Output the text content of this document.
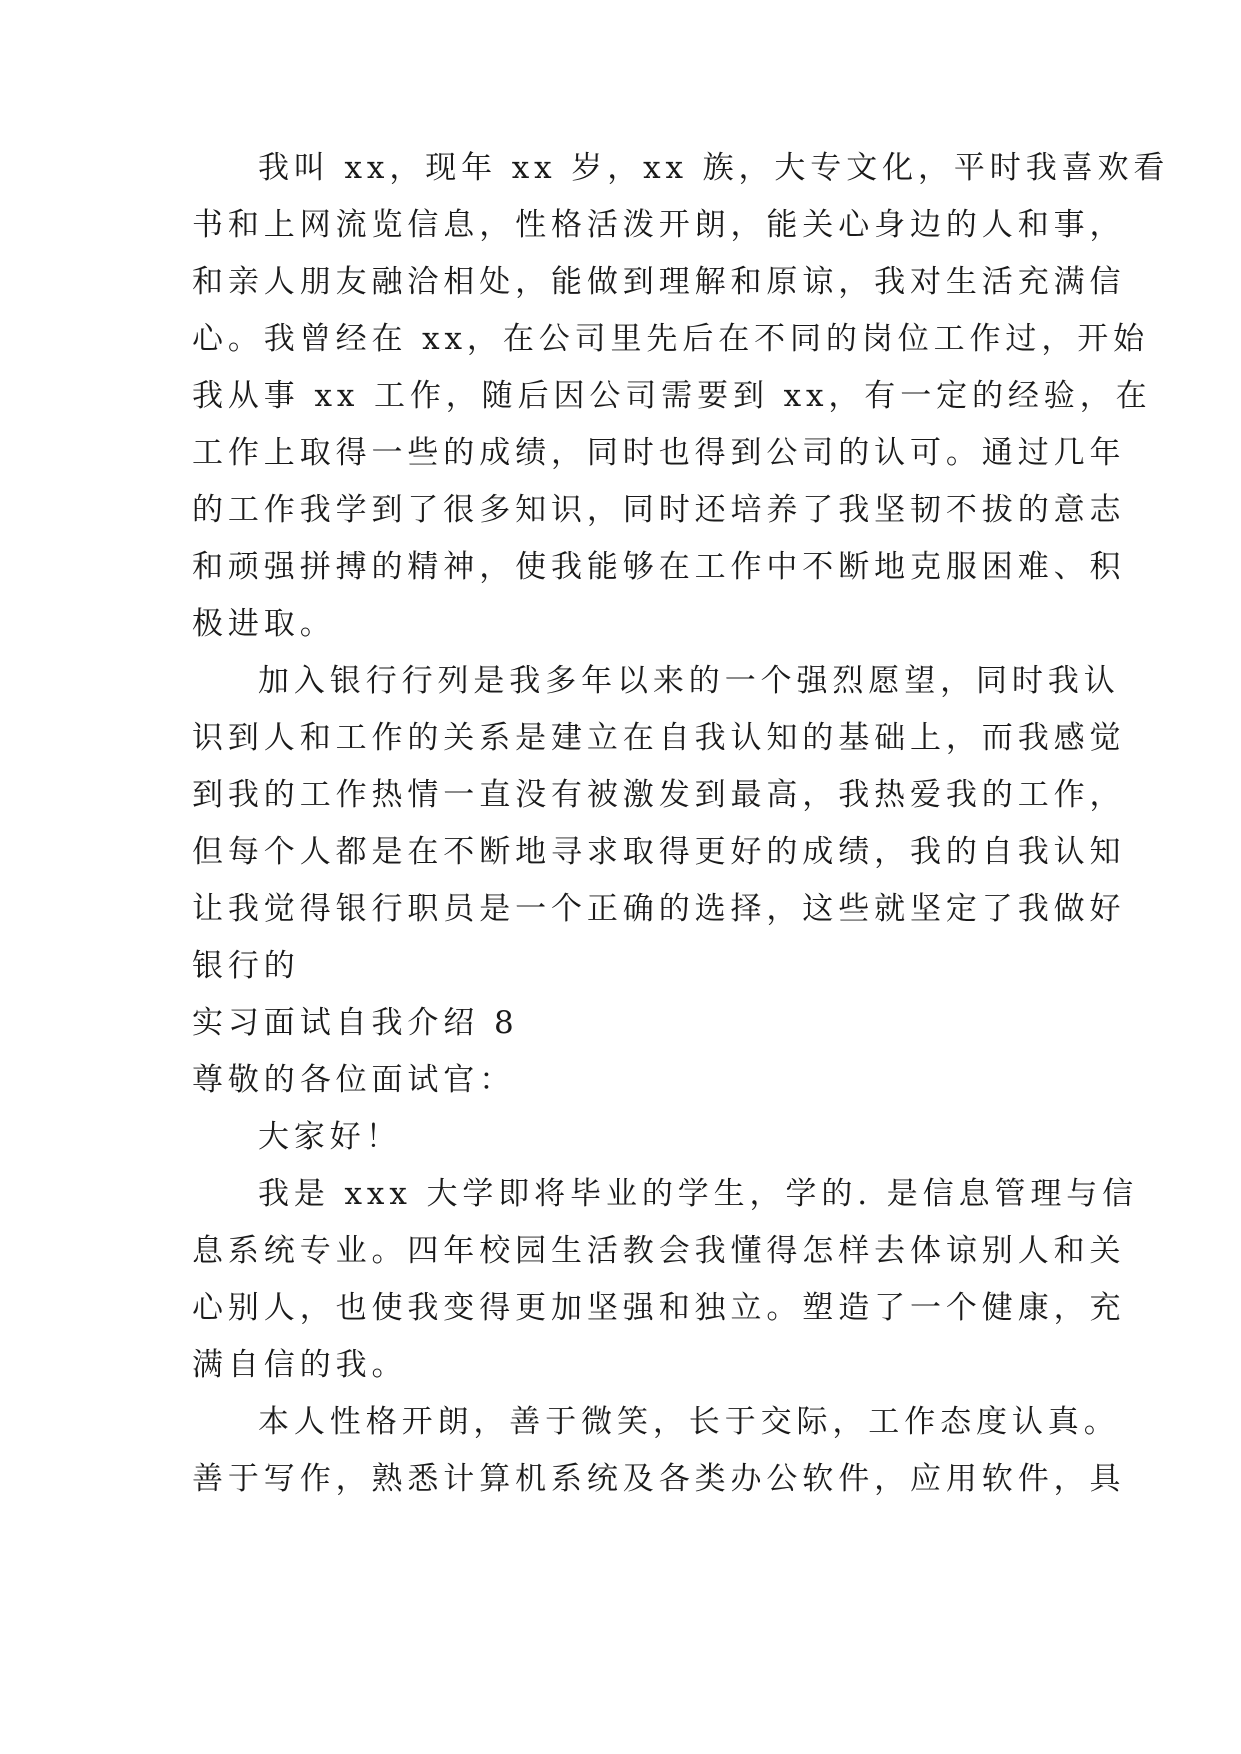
我叫 xx，现年 xx 岁，xx 族，大专文化，平时我喜欢看
书和上网流览信息，性格活泼开朗，能关心身边的人和事，
和亲人朋友融洽相处，能做到理解和原谅，我对生活充满信
心。我曾经在 xx，在公司里先后在不同的岗位工作过，开始
我从事 xx 工作，随后因公司需要到 xx，有一定的经验，在
工作上取得一些的成绩，同时也得到公司的认可。通过几年
的工作我学到了很多知识，同时还培养了我坚韧不拔的意志
和顽强拼搏的精神，使我能够在工作中不断地克服困难、积
极进取。
加入银行行列是我多年以来的一个强烈愿望，同时我认
识到人和工作的关系是建立在自我认知的基础上，而我感觉
到我的工作热情一直没有被激发到最高，我热爱我的工作，
但每个人都是在不断地寻求取得更好的成绩，我的自我认知
让我觉得银行职员是一个正确的选择，这些就坚定了我做好
银行的
实习面试自我介绍 8
尊敬的各位面试官：
大家好！
我是 xxx 大学即将毕业的学生，学的. 是信息管理与信
息系统专业。四年校园生活教会我懂得怎样去体谅别人和关
心别人，也使我变得更加坚强和独立。塑造了一个健康，充
满自信的我。
本人性格开朗，善于微笑，长于交际，工作态度认真。
善于写作，熟悉计算机系统及各类办公软件，应用软件，具
